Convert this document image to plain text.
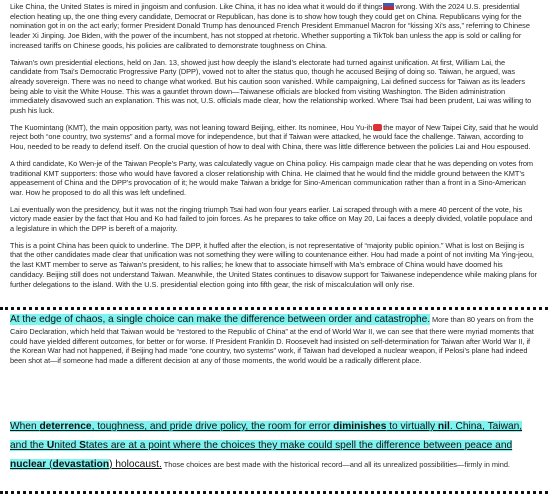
Like China, the United States is mired in jingoism and confusion. Like China, it has no idea what it would do if things wrong. With the 2024 U.S. presidential election heating up, the one thing every candidate, Democrat or Republican, has done is to show how tough they could get on China. Republicans vying for the nomination got in on the act early; former President Donald Trump has denounced French President Emmanuel Macron for “kissing Xi’s ass,” referring to Chinese leader Xi Jinping. Joe Biden, with the power of the incumbent, has not stopped at rhetoric. Whether supporting a TikTok ban unless the app is sold or calling for increased tariffs on Chinese goods, his policies are calibrated to demonstrate toughness on China.

Taiwan’s own presidential elections, held on Jan. 13, showed just how deeply the island’s electorate had turned against unification. At first, William Lai, the candidate from Tsai’s Democratic Progressive Party (DPP), vowed not to alter the status quo, though he accused Beijing of doing so. Taiwan, he argued, was already sovereign. There was no need to change what worked. But his caution soon vanished. While campaigning, Lai defined success for Taiwan as its leaders being able to visit the White House. This was a gauntlet thrown down—Taiwanese officials are blocked from visiting Washington. The Biden administration immediately disavowed such an explanation. This was not, U.S. officials made clear, how the relationship worked. Where Tsai had been prudent, Lai was willing to push his luck.

The Kuomintang (KMT), the main opposition party, was not leaning toward Beijing, either. Its nominee, Hou Yu-ih the mayor of New Taipei City, said that he would reject both “one country, two systems” and a formal move for independence, but that if Taiwan were attacked, he would face the challenge. Taiwan, according to Hou, needed to be ready to defend itself. On the crucial question of how to deal with China, there was little difference between the policies Lai and Hou espoused.

A third candidate, Ko Wen-je of the Taiwan People’s Party, was calculatedly vague on China policy. His campaign made clear that he was depending on votes from traditional KMT supporters: those who would have favored a closer relationship with China. He claimed that he would find the middle ground between the KMT’s appeasement of China and the DPP’s provocation of it; he would make Taiwan a bridge for Sino-American communication rather than a front in a Sino-American war. How he proposed to do all this was left undefined.

Lai eventually won the presidency, but it was not the ringing triumph Tsai had won four years earlier. Lai scraped through with a mere 40 percent of the vote, his victory made easier by the fact that Hou and Ko had failed to join forces. As he prepares to take office on May 20, Lai faces a deeply divided, volatile populace and a legislature in which the DPP is bereft of a majority.

This is a point China has been quick to underline. The DPP, it huffed after the election, is not representative of “majority public opinion.” What is lost on Beijing is that the other candidates made clear that unification was not something they were willing to countenance either. Hou had made a point of not inviting Ma Ying-jeou, the last KMT member to serve as Taiwan’s president, to his rallies; he knew that to associate himself with Ma’s embrace of China would have doomed his candidacy. Beijing still does not understand Taiwan. Meanwhile, the United States continues to disavow support for Taiwanese independence while making plans for further delegations to the island. With the U.S. presidential election going into fifth gear, the risk of miscalculation will only rise.

At the edge of chaos, a single choice can make the difference between order and catastrophe. More than 80 years on from the Cairo Declaration, which held that Taiwan would be “restored to the Republic of China” at the end of World War II, we can see that there were myriad moments that could have yielded different outcomes, for better or for worse. If President Franklin D. Roosevelt had insisted on self-determination for Taiwan after World War II, if the Korean War had not happened, if Beijing had made “one country, two systems” work, if Taiwan had developed a nuclear weapon, if Pelosi’s plane had indeed been shot at—if someone had made a different decision at any of those moments, the world would be a radically different place.

When deterrence, toughness, and pride drive policy, the room for error diminishes to virtually nil. China, Taiwan, and the United States are at a point where the choices they make could spell the difference between peace and nuclear (devastation) holocaust. Those choices are best made with the historical record—and all its unrealized possibilities—firmly in mind.
